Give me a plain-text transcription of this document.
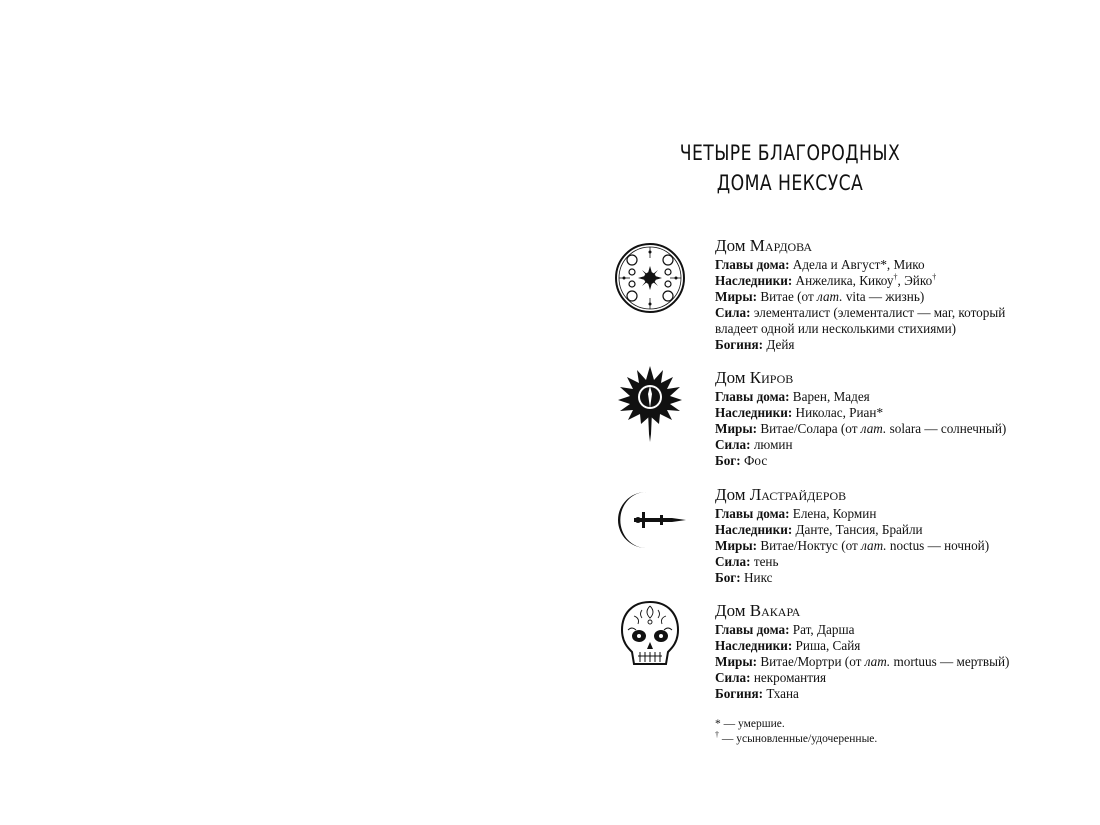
ЧЕТЫРЕ БЛАГОРОДНЫХ
ДОМА НЕКСУСА
Дом Мардова
Главы дома: Адела и Август*, Мико
Наследники: Анжелика, Кикоу†, Эйко†
Миры: Витае (от лат. vita — жизнь)
Сила: элементалист (элементалист — маг, который
владеет одной или несколькими стихиями)
Богиня: Дейя
Дом Киров
Главы дома: Варен, Мадея
Наследники: Николас, Риан*
Миры: Витае/Солара (от лат. solara — солнечный)
Сила: люмин
Бог: Фос
Дом Ластрайдеров
Главы дома: Елена, Кормин
Наследники: Данте, Тансия, Брайли
Миры: Витае/Ноктус (от лат. noctus — ночной)
Сила: тень
Бог: Никс
Дом Вакара
Главы дома: Рат, Дарша
Наследники: Риша, Сайя
Миры: Витае/Мортри (от лат. mortuus — мертвый)
Сила: некромантия
Богиня: Тхана
* — умершие.
† — усыновленные/удочеренные.
